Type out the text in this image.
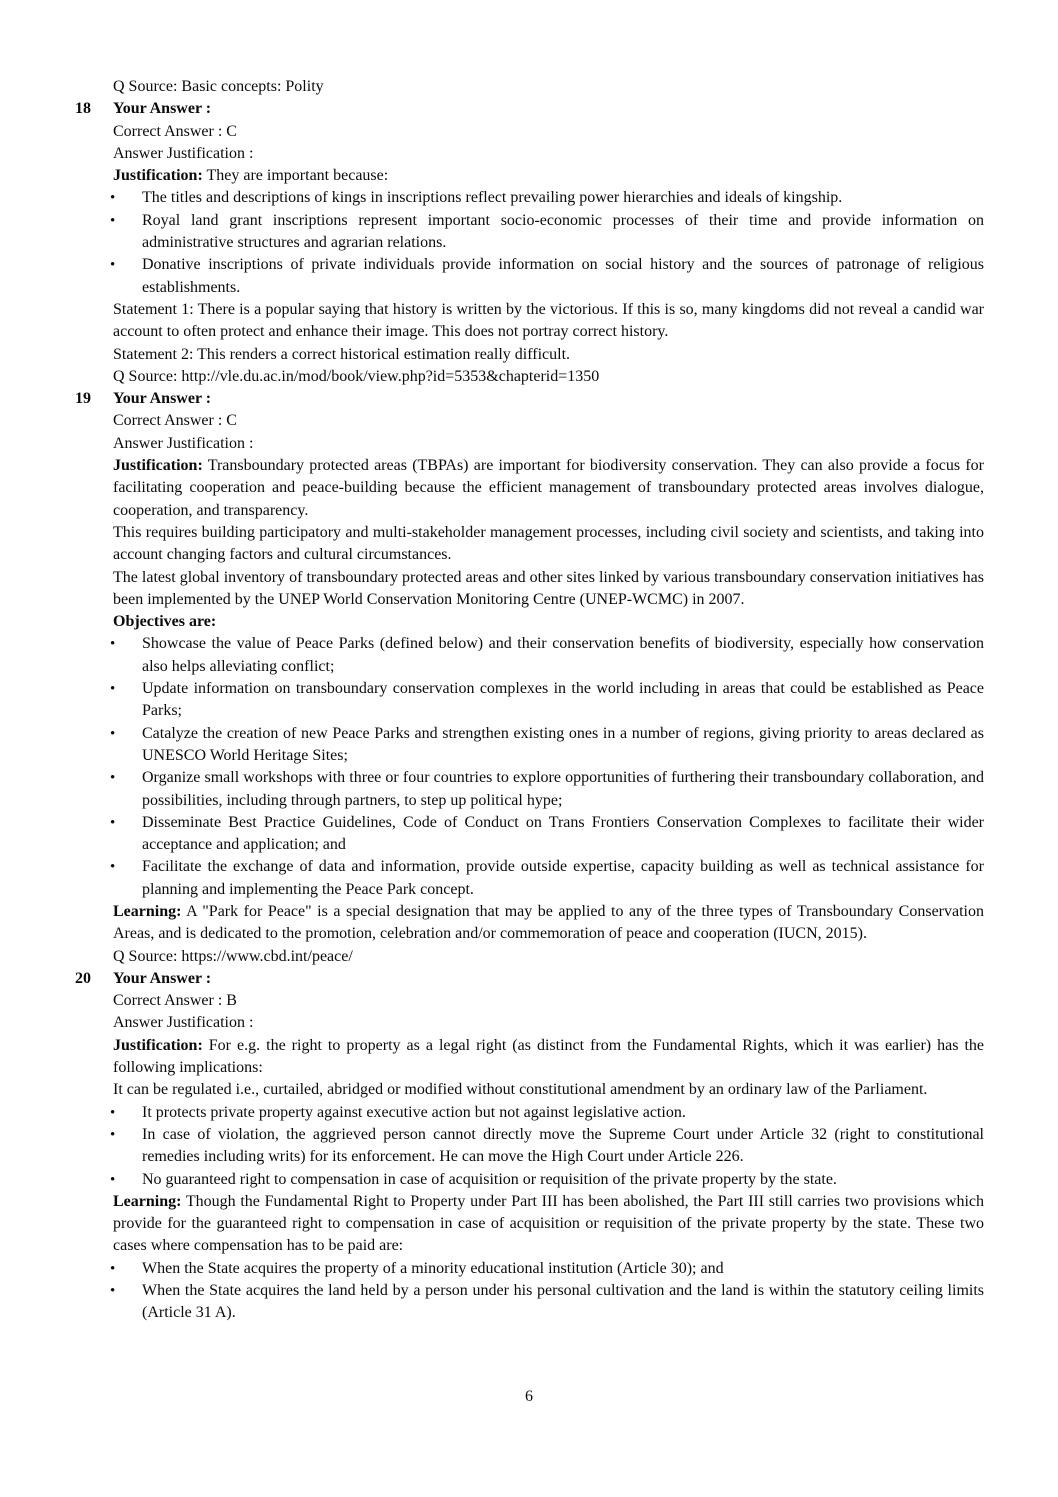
Q Source: Basic concepts: Polity
18	Your Answer :
Correct Answer : C
Answer Justification :
Justification: They are important because:
•	The titles and descriptions of kings in inscriptions reflect prevailing power hierarchies and ideals of kingship.
•	Royal land grant inscriptions represent important socio-economic processes of their time and provide information on administrative structures and agrarian relations.
•	Donative inscriptions of private individuals provide information on social history and the sources of patronage of religious establishments.
Statement 1: There is a popular saying that history is written by the victorious. If this is so, many kingdoms did not reveal a candid war account to often protect and enhance their image. This does not portray correct history.
Statement 2: This renders a correct historical estimation really difficult.
Q Source: http://vle.du.ac.in/mod/book/view.php?id=5353&chapterid=1350
19	Your Answer :
Correct Answer : C
Answer Justification :
Justification: Transboundary protected areas (TBPAs) are important for biodiversity conservation. They can also provide a focus for facilitating cooperation and peace-building because the efficient management of transboundary protected areas involves dialogue, cooperation, and transparency.
This requires building participatory and multi-stakeholder management processes, including civil society and scientists, and taking into account changing factors and cultural circumstances.
The latest global inventory of transboundary protected areas and other sites linked by various transboundary conservation initiatives has been implemented by the UNEP World Conservation Monitoring Centre (UNEP-WCMC) in 2007.
Objectives are:
•	Showcase the value of Peace Parks (defined below) and their conservation benefits of biodiversity, especially how conservation also helps alleviating conflict;
•	Update information on transboundary conservation complexes in the world including in areas that could be established as Peace Parks;
•	Catalyze the creation of new Peace Parks and strengthen existing ones in a number of regions, giving priority to areas declared as UNESCO World Heritage Sites;
•	Organize small workshops with three or four countries to explore opportunities of furthering their transboundary collaboration, and possibilities, including through partners, to step up political hype;
•	Disseminate Best Practice Guidelines, Code of Conduct on Trans Frontiers Conservation Complexes to facilitate their wider acceptance and application; and
•	Facilitate the exchange of data and information, provide outside expertise, capacity building as well as technical assistance for planning and implementing the Peace Park concept.
Learning: A "Park for Peace" is a special designation that may be applied to any of the three types of Transboundary Conservation Areas, and is dedicated to the promotion, celebration and/or commemoration of peace and cooperation (IUCN, 2015).
Q Source: https://www.cbd.int/peace/
20	Your Answer :
Correct Answer : B
Answer Justification :
Justification: For e.g. the right to property as a legal right (as distinct from the Fundamental Rights, which it was earlier) has the following implications:
It can be regulated i.e., curtailed, abridged or modified without constitutional amendment by an ordinary law of the Parliament.
•	It protects private property against executive action but not against legislative action.
•	In case of violation, the aggrieved person cannot directly move the Supreme Court under Article 32 (right to constitutional remedies including writs) for its enforcement. He can move the High Court under Article 226.
•	No guaranteed right to compensation in case of acquisition or requisition of the private property by the state.
Learning: Though the Fundamental Right to Property under Part III has been abolished, the Part III still carries two provisions which provide for the guaranteed right to compensation in case of acquisition or requisition of the private property by the state. These two cases where compensation has to be paid are:
•	When the State acquires the property of a minority educational institution (Article 30); and
•	When the State acquires the land held by a person under his personal cultivation and the land is within the statutory ceiling limits (Article 31 A).
6
